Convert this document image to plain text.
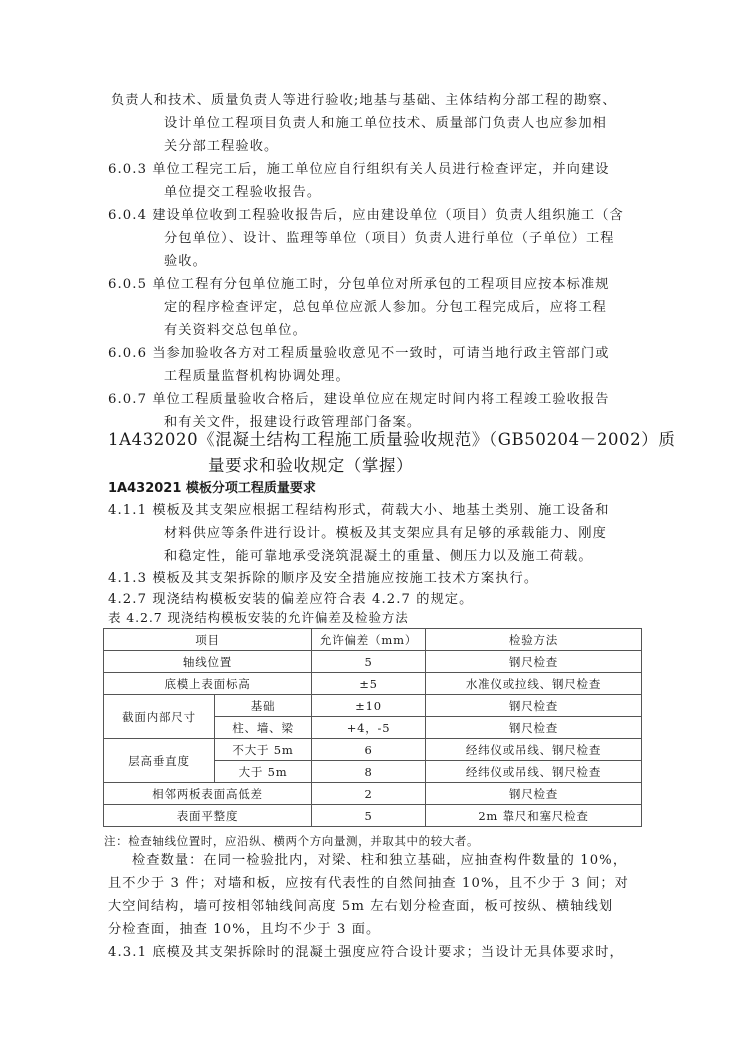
负责人和技术、质量负责人等进行验收;地基与基础、主体结构分部工程的勘察、
设计单位工程项目负责人和施工单位技术、质量部门负责人也应参加相
关分部工程验收。
6.0.3 单位工程完工后，施工单位应自行组织有关人员进行检查评定，并向建设
单位提交工程验收报告。
6.0.4 建设单位收到工程验收报告后，应由建设单位（项目）负责人组织施工（含
分包单位）、设计、监理等单位（项目）负责人进行单位（子单位）工程
验收。
6.0.5 单位工程有分包单位施工时，分包单位对所承包的工程项目应按本标准规
定的程序检查评定，总包单位应派人参加。分包工程完成后，应将工程
有关资料交总包单位。
6.0.6 当参加验收各方对工程质量验收意见不一致时，可请当地行政主管部门或
工程质量监督机构协调处理。
6.0.7 单位工程质量验收合格后，建设单位应在规定时间内将工程竣工验收报告
和有关文件，报建设行政管理部门备案。
1A432020《混凝土结构工程施工质量验收规范》（GB50204－2002）质
量要求和验收规定（掌握）
1A432021 模板分项工程质量要求
4.1.1 模板及其支架应根据工程结构形式，荷载大小、地基土类别、施工设备和
材料供应等条件进行设计。模板及其支架应具有足够的承载能力、刚度
和稳定性，能可靠地承受浇筑混凝土的重量、侧压力以及施工荷载。
4.1.3 模板及其支架拆除的顺序及安全措施应按施工技术方案执行。
4.2.7 现浇结构模板安装的偏差应符合表 4.2.7 的规定。
表 4.2.7 现浇结构模板安装的允许偏差及检验方法
项目		允许偏差（mm）	检验方法
轴线位置		5	钢尺检查
底模上表面标高		±5	水准仪或拉线、钢尺检查
截面内部尺寸	基础	±10	钢尺检查
	柱、墙、梁	+4，-5	钢尺检查
层高垂直度	不大于 5m	6	经纬仪或吊线、钢尺检查
	大于 5m	8	经纬仪或吊线、钢尺检查
相邻两板表面高低差		2	钢尺检查
表面平整度		5	2m 靠尺和塞尺检查
注：检查轴线位置时，应沿纵、横两个方向量测，并取其中的较大者。
检查数量：在同一检验批内，对梁、柱和独立基础，应抽查构件数量的 10%，
且不少于 3 件；对墙和板，应按有代表性的自然间抽查 10%，且不少于 3 间；对
大空间结构，墙可按相邻轴线间高度 5m 左右划分检查面，板可按纵、横轴线划
分检查面，抽查 10%，且均不少于 3 面。
4.3.1 底模及其支架拆除时的混凝土强度应符合设计要求；当设计无具体要求时，
